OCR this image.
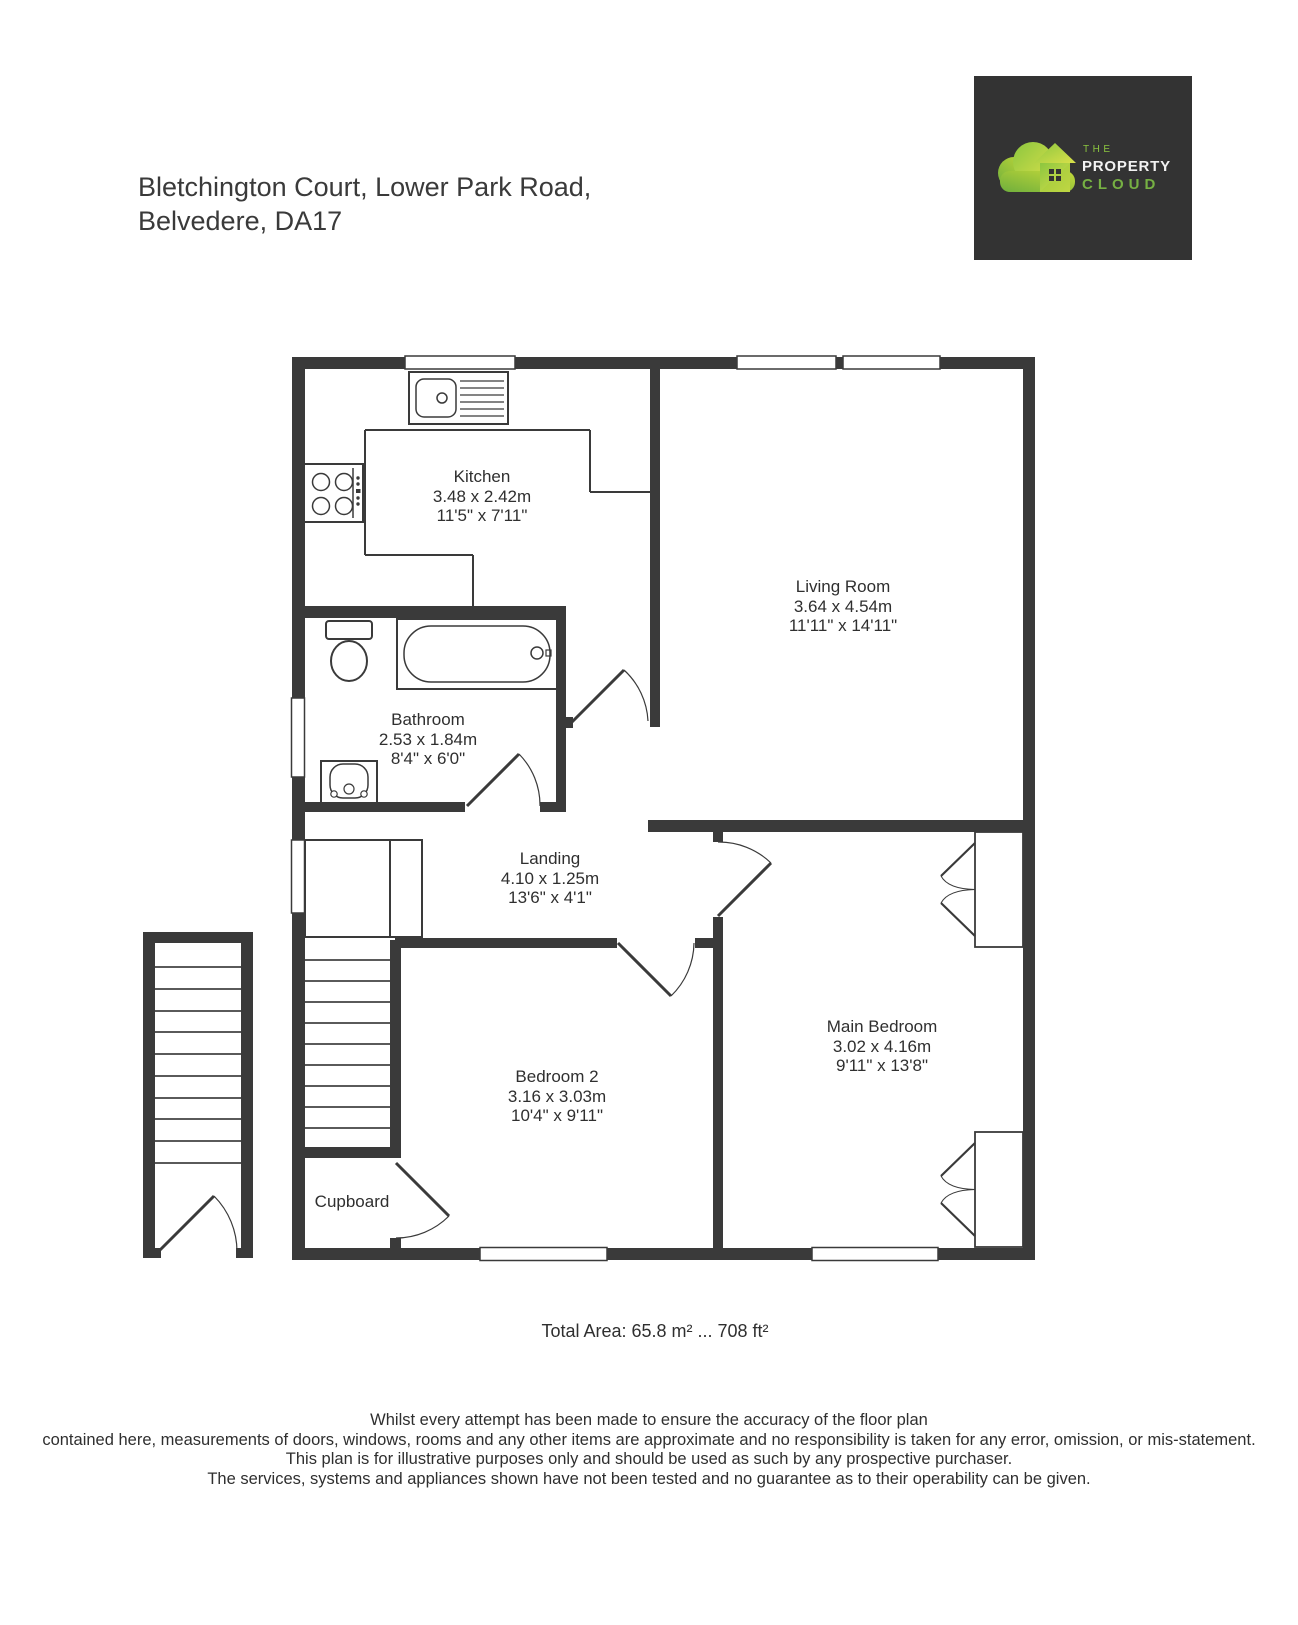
Bletchington Court, Lower Park Road,
Belvedere, DA17
THE
PROPERTY
CLOUD
Kitchen
3.48 x 2.42m
11'5" x 7'11"
Living Room
3.64 x 4.54m
11'11" x 14'11"
Bathroom
2.53 x 1.84m
8'4" x 6'0"
Landing
4.10 x 1.25m
13'6" x 4'1"
Main Bedroom
3.02 x 4.16m
9'11" x 13'8"
Bedroom 2
3.16 x 3.03m
10'4" x 9'11"
Cupboard
Total Area: 65.8 m² ... 708 ft²
Whilst every attempt has been made to ensure the accuracy of the floor plan
contained here, measurements of doors, windows, rooms and any other items are approximate and no responsibility is taken for any error, omission, or mis-statement.
This plan is for illustrative purposes only and should be used as such by any prospective purchaser.
The services, systems and appliances shown have not been tested and no guarantee as to their operability can be given.
